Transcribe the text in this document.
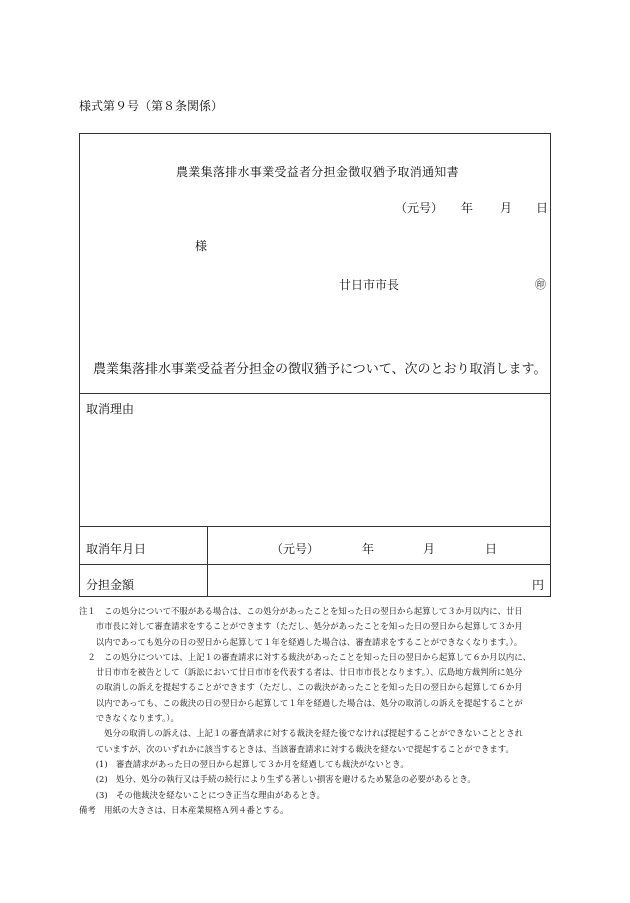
様式第９号（第８条関係）
農業集落排水事業受益者分担金徴収猶予取消通知書
（元号） 年 月 日
様
廿日市市長	㊞
農業集落排水事業受益者分担金の徴収猶予について、次のとおり取消します。
取消理由
取消年月日	（元号）	年	月	日
分担金額	円
注１　この処分について不服がある場合は、この処分があったことを知った日の翌日から起算して３か月以内に、廿日
　　市市長に対して審査請求をすることができます（ただし、処分があったことを知った日の翌日から起算して３か月
　　以内であっても処分の日の翌日から起算して１年を経過した場合は、審査請求をすることができなくなります。）。
　２　この処分については、上記１の審査請求に対する裁決があったことを知った日の翌日から起算して６か月以内に、
　　廿日市市を被告として（訴訟において廿日市市を代表する者は、廿日市市長となります。）、広島地方裁判所に処分
　　の取消しの訴えを提起することができます（ただし、この裁決があったことを知った日の翌日から起算して６か月
　　以内であっても、この裁決の日の翌日から起算して１年を経過した場合は、処分の取消しの訴えを提起することが
　　できなくなります。）。
　　　処分の取消しの訴えは、上記１の審査請求に対する裁決を経た後でなければ提起することができないこととされ
　　ていますが、次のいずれかに該当するときは、当該審査請求に対する裁決を経ないで提起することができます。
　　(1)　審査請求があった日の翌日から起算して３か月を経過しても裁決がないとき。
　　(2)　処分、処分の執行又は手続の続行により生ずる著しい損害を避けるため緊急の必要があるとき。
　　(3)　その他裁決を経ないことにつき正当な理由があるとき。
備考　用紙の大きさは、日本産業規格Ａ列４番とする。
